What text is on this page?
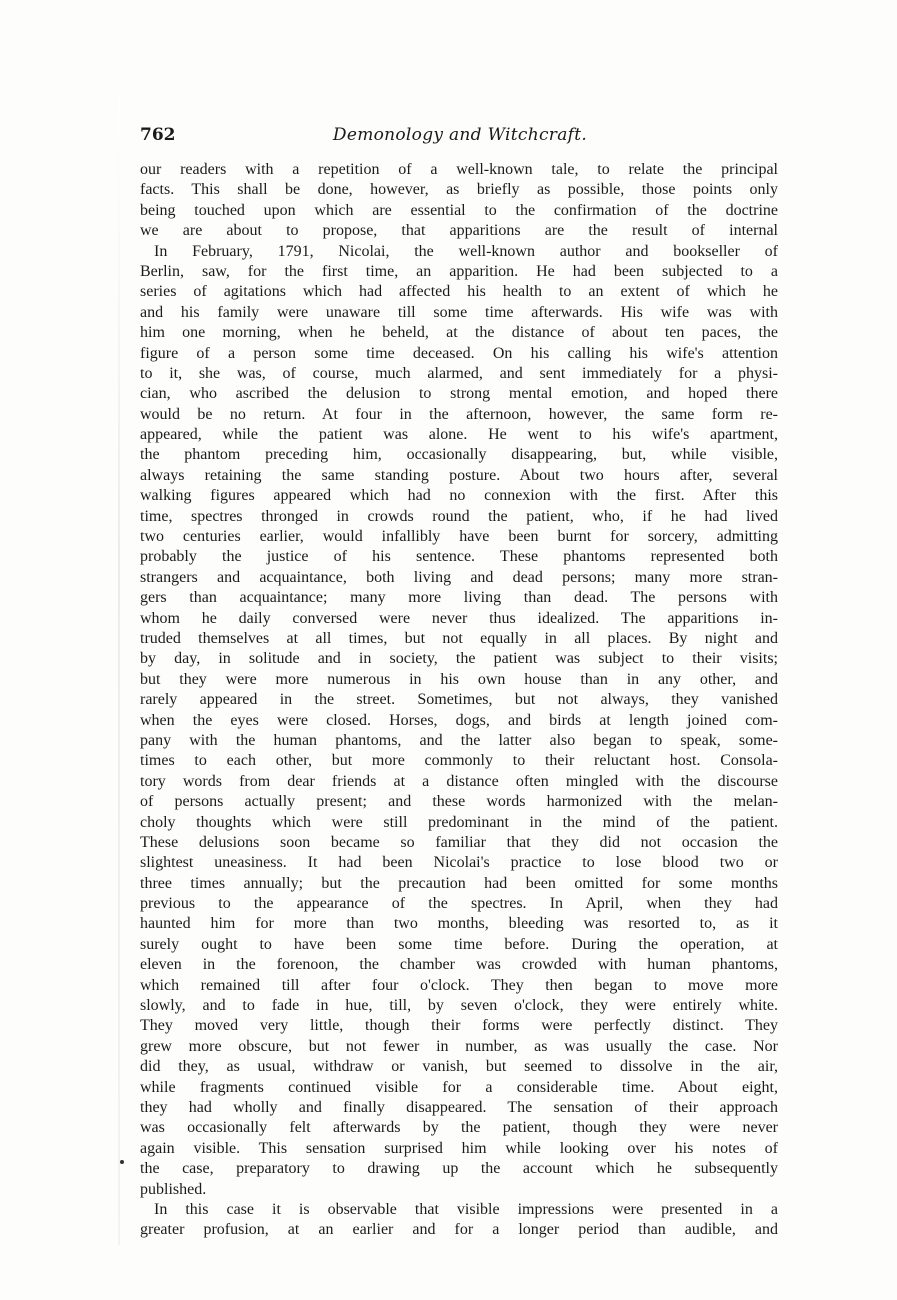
762	Demonology and Witchcraft.
our readers with a repetition of a well-known tale, to relate the principal
facts. This shall be done, however, as briefly as possible, those points only
being touched upon which are essential to the confirmation of the doctrine
we are about to propose, that apparitions are the result of internal
In February, 1791, Nicolai, the well-known author and bookseller of
Berlin, saw, for the first time, an apparition. He had been subjected to a
series of agitations which had affected his health to an extent of which he
and his family were unaware till some time afterwards. His wife was with
him one morning, when he beheld, at the distance of about ten paces, the
figure of a person some time deceased. On his calling his wife's attention
to it, she was, of course, much alarmed, and sent immediately for a physi-
cian, who ascribed the delusion to strong mental emotion, and hoped there
would be no return. At four in the afternoon, however, the same form re-
appeared, while the patient was alone. He went to his wife's apartment,
the phantom preceding him, occasionally disappearing, but, while visible,
always retaining the same standing posture. About two hours after, several
walking figures appeared which had no connexion with the first. After this
time, spectres thronged in crowds round the patient, who, if he had lived
two centuries earlier, would infallibly have been burnt for sorcery, admitting
probably the justice of his sentence. These phantoms represented both
strangers and acquaintance, both living and dead persons; many more stran-
gers than acquaintance; many more living than dead. The persons with
whom he daily conversed were never thus idealized. The apparitions in-
truded themselves at all times, but not equally in all places. By night and
by day, in solitude and in society, the patient was subject to their visits;
but they were more numerous in his own house than in any other, and
rarely appeared in the street. Sometimes, but not always, they vanished
when the eyes were closed. Horses, dogs, and birds at length joined com-
pany with the human phantoms, and the latter also began to speak, some-
times to each other, but more commonly to their reluctant host. Consola-
tory words from dear friends at a distance often mingled with the discourse
of persons actually present; and these words harmonized with the melan-
choly thoughts which were still predominant in the mind of the patient.
These delusions soon became so familiar that they did not occasion the
slightest uneasiness. It had been Nicolai's practice to lose blood two or
three times annually; but the precaution had been omitted for some months
previous to the appearance of the spectres. In April, when they had
haunted him for more than two months, bleeding was resorted to, as it
surely ought to have been some time before. During the operation, at
eleven in the forenoon, the chamber was crowded with human phantoms,
which remained till after four o'clock. They then began to move more
slowly, and to fade in hue, till, by seven o'clock, they were entirely white.
They moved very little, though their forms were perfectly distinct. They
grew more obscure, but not fewer in number, as was usually the case. Nor
did they, as usual, withdraw or vanish, but seemed to dissolve in the air,
while fragments continued visible for a considerable time. About eight,
they had wholly and finally disappeared. The sensation of their approach
was occasionally felt afterwards by the patient, though they were never
again visible. This sensation surprised him while looking over his notes of
the case, preparatory to drawing up the account which he subsequently
published.
In this case it is observable that visible impressions were presented in a
greater profusion, at an earlier and for a longer period than audible, and
